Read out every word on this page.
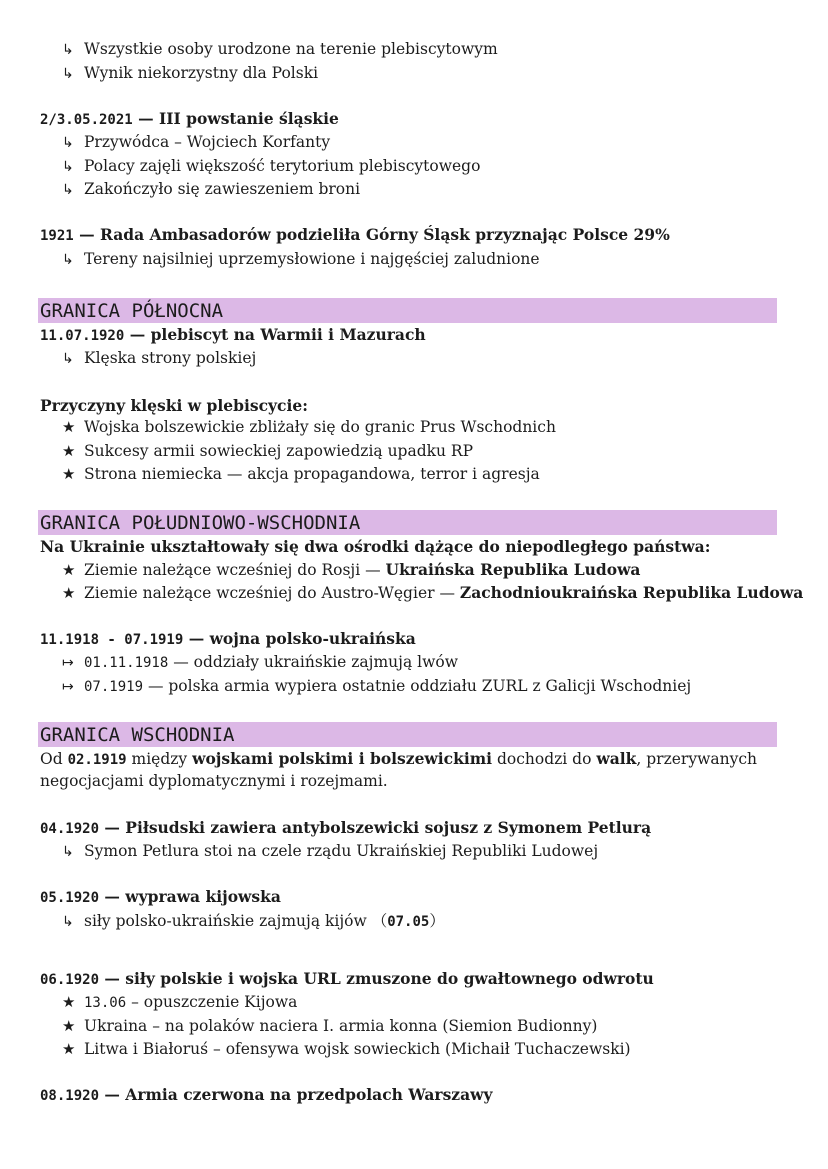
↳ Wszystkie osoby urodzone na terenie plebiscytowym
↳ Wynik niekorzystny dla Polski
2/3.05.2021 — III powstanie śląskie
↳ Przywódca – Wojciech Korfanty
↳ Polacy zajęli większość terytorium plebiscytowego
↳ Zakończyło się zawieszeniem broni
1921 — Rada Ambasadorów podzieliła Górny Śląsk przyznając Polsce 29%
↳ Tereny najsilniej uprzemysłowione i najgęściej zaludnione
GRANICA PÓŁNOCNA
11.07.1920 — plebiscyt na Warmii i Mazurach
↳ Klęska strony polskiej
Przyczyny klęski w plebiscycie:
★ Wojska bolszewickie zbliżały się do granic Prus Wschodnich
★ Sukcesy armii sowieckiej zapowiedzią upadku RP
★ Strona niemiecka — akcja propagandowa, terror i agresja
GRANICA POŁUDNIOWO-WSCHODNIA
Na Ukrainie ukształtowały się dwa ośrodki dążące do niepodległego państwa:
★ Ziemie należące wcześniej do Rosji — Ukraińska Republika Ludowa
★ Ziemie należące wcześniej do Austro-Węgier — Zachodnioukraińska Republika Ludowa
11.1918 - 07.1919 — wojna polsko-ukraińska
↦ 01.11.1918 — oddziały ukraińskie zajmują lwów
↦ 07.1919 — polska armia wypiera ostatnie oddziału ZURL z Galicji Wschodniej
GRANICA WSCHODNIA
Od 02.1919 między wojskami polskimi i bolszewickimi dochodzi do walk, przerywanych
negocjacjami dyplomatycznymi i rozejmami.
04.1920 — Piłsudski zawiera antybolszewicki sojusz z Symonem Petlurą
↳ Symon Petlura stoi na czele rządu Ukraińskiej Republiki Ludowej
05.1920 — wyprawa kijowska
↳ siły polsko-ukraińskie zajmują kijów （07.05）
06.1920 — siły polskie i wojska URL zmuszone do gwałtownego odwrotu
★ 13.06 – opuszczenie Kijowa
★ Ukraina – na polaków naciera I. armia konna (Siemion Budionny)
★ Litwa i Białoruś – ofensywa wojsk sowieckich (Michaił Tuchaczewski)
08.1920 — Armia czerwona na przedpolach Warszawy
